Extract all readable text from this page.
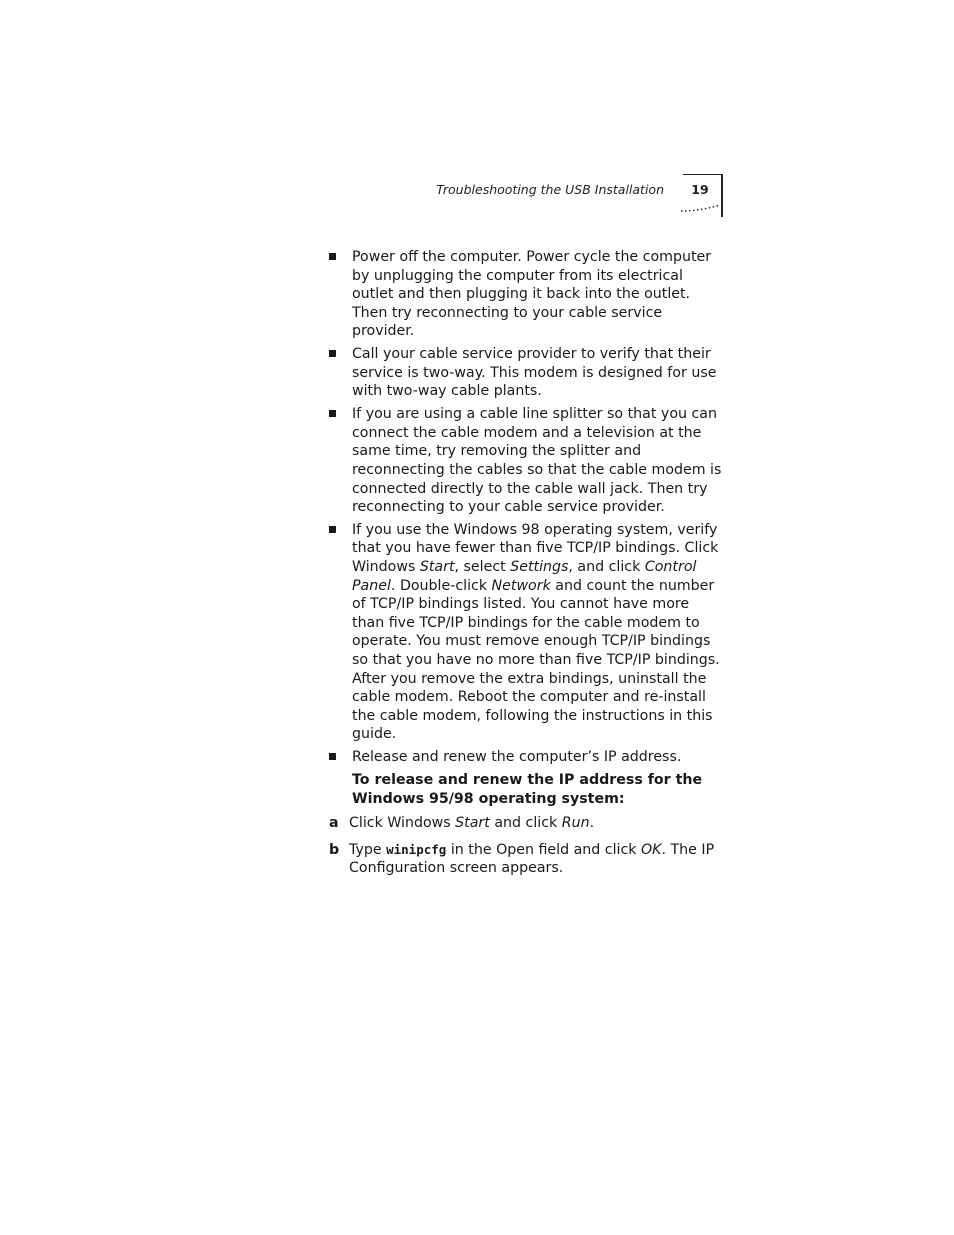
Troubleshooting the USB Installation	19
Power off the computer. Power cycle the computer by unplugging the computer from its electrical outlet and then plugging it back into the outlet. Then try reconnecting to your cable service provider.
Call your cable service provider to verify that their service is two-way. This modem is designed for use with two-way cable plants.
If you are using a cable line splitter so that you can connect the cable modem and a television at the same time, try removing the splitter and reconnecting the cables so that the cable modem is connected directly to the cable wall jack. Then try reconnecting to your cable service provider.
If you use the Windows 98 operating system, verify that you have fewer than five TCP/IP bindings. Click Windows Start, select Settings, and click Control Panel. Double-click Network and count the number of TCP/IP bindings listed. You cannot have more than five TCP/IP bindings for the cable modem to operate. You must remove enough TCP/IP bindings so that you have no more than five TCP/IP bindings. After you remove the extra bindings, uninstall the cable modem. Reboot the computer and re-install the cable modem, following the instructions in this guide.
Release and renew the computer’s IP address.
To release and renew the IP address for the Windows 95/98 operating system:
a Click Windows Start and click Run.
b Type winipcfg in the Open field and click OK. The IP Configuration screen appears.
